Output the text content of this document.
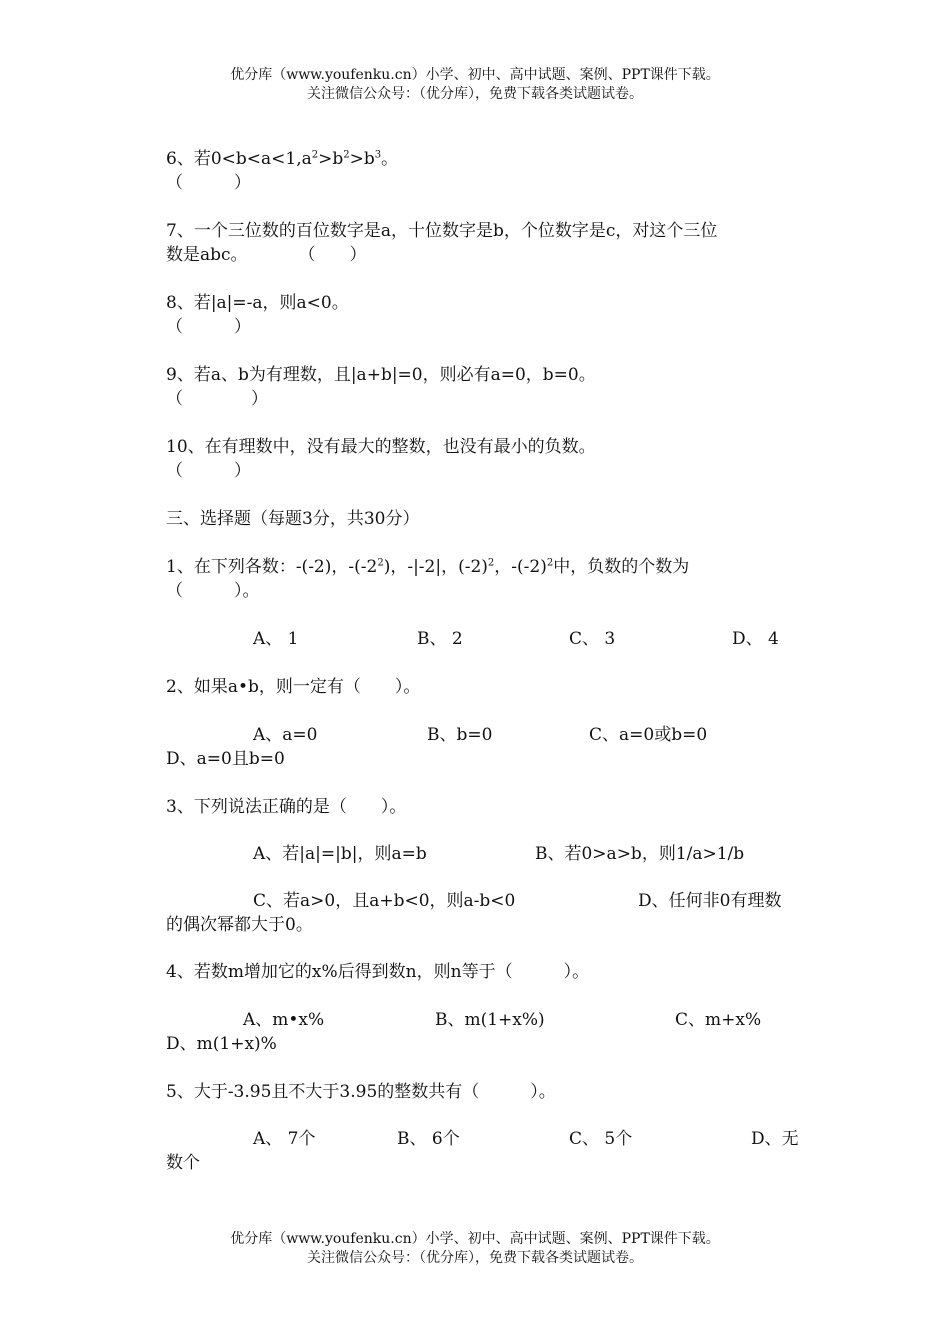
优分库（www.youfenku.cn）小学、初中、高中试题、案例、PPT课件下载。
关注微信公众号：（优分库），免费下载各类试题试卷。
6、若$0<b<a<1,a^2>b^2>b^3$。
（　　　）
7、一个三位数的百位数字是a，十位数字是b，个位数字是c，对这个三位
数是abc。　　　　（　　）
8、若|a|=-a，则a<0。
（　　　）
9、若a、b为有理数，且|a+b|=0，则必有a=0，b=0。
（　　　　）
10、在有理数中，没有最大的整数，也没有最小的负数。
（　　　）
三、选择题（每题3分，共30分）
1、在下列各数：-(-2)，$-(-2^2)$，-|-2|，$(-2)^2$，$-(-2)^2$中，负数的个数为
（　　　）。
A、 1	B、 2	C、 3	D、 4
2、如果a•b，则一定有（　　）。
A、a=0	B、b=0	C、a=0或b=0
D、a=0且b=0
3、下列说法正确的是（　　）。
A、若|a|=|b|，则a=b	B、若0>a>b，则1/a>1/b
C、若a>0，且a+b<0，则a-b<0	D、任何非0有理数
的偶次幂都大于0。
4、若数m增加它的x%后得到数n，则n等于（　　　）。
A、m•x%	B、m(1+x%)	C、m+x%
D、m(1+x)%
5、大于-3.95且不大于3.95的整数共有（　　　）。
A、 7个	B、 6个	C、 5个	D、无
数个
优分库（www.youfenku.cn）小学、初中、高中试题、案例、PPT课件下载。
关注微信公众号：（优分库），免费下载各类试题试卷。
